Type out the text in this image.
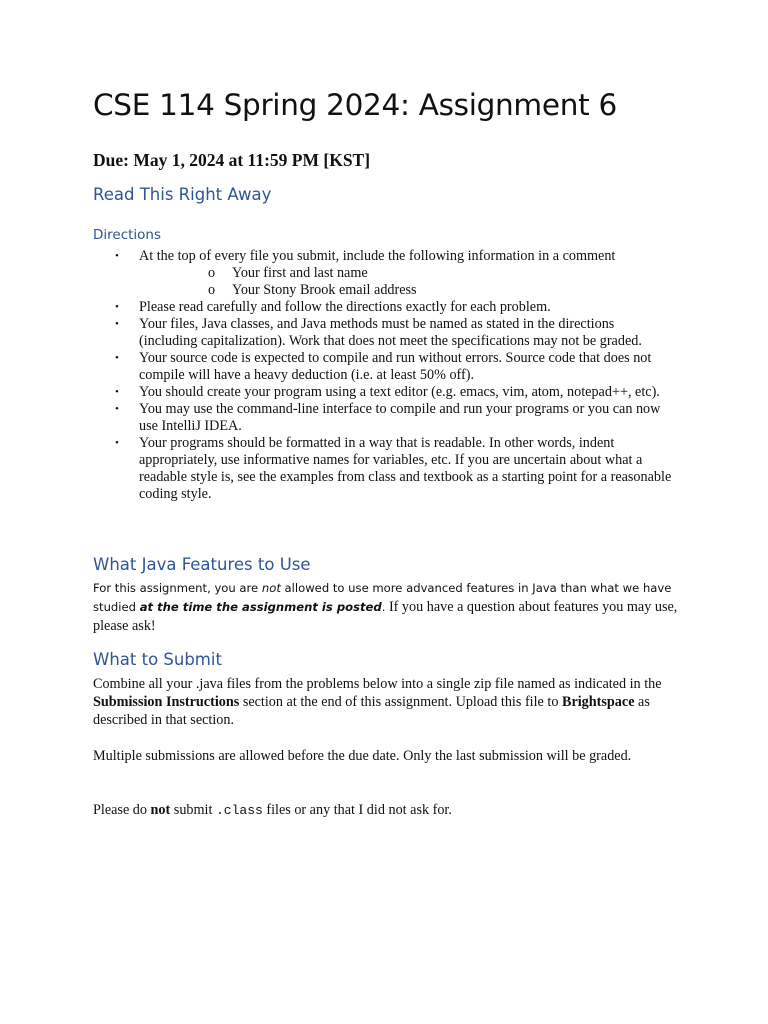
CSE 114 Spring 2024: Assignment 6
Due: May 1, 2024 at 11:59 PM [KST]
Read This Right Away
Directions
• At the top of every file you submit, include the following information in a comment
o Your first and last name
o Your Stony Brook email address
• Please read carefully and follow the directions exactly for each problem.
• Your files, Java classes, and Java methods must be named as stated in the directions (including capitalization). Work that does not meet the specifications may not be graded.
• Your source code is expected to compile and run without errors. Source code that does not compile will have a heavy deduction (i.e. at least 50% off).
• You should create your program using a text editor (e.g. emacs, vim, atom, notepad++, etc).
• You may use the command-line interface to compile and run your programs or you can now use IntelliJ IDEA.
• Your programs should be formatted in a way that is readable. In other words, indent appropriately, use informative names for variables, etc. If you are uncertain about what a readable style is, see the examples from class and textbook as a starting point for a reasonable coding style.
What Java Features to Use

For this assignment, you are not allowed to use more advanced features in Java than what we have studied at the time the assignment is posted. If you have a question about features you may use, please ask!

What to Submit

Combine all your .java files from the problems below into a single zip file named as indicated in the Submission Instructions section at the end of this assignment. Upload this file to Brightspace as described in that section.

Multiple submissions are allowed before the due date. Only the last submission will be graded.

Please do not submit .class files or any that I did not ask for.
